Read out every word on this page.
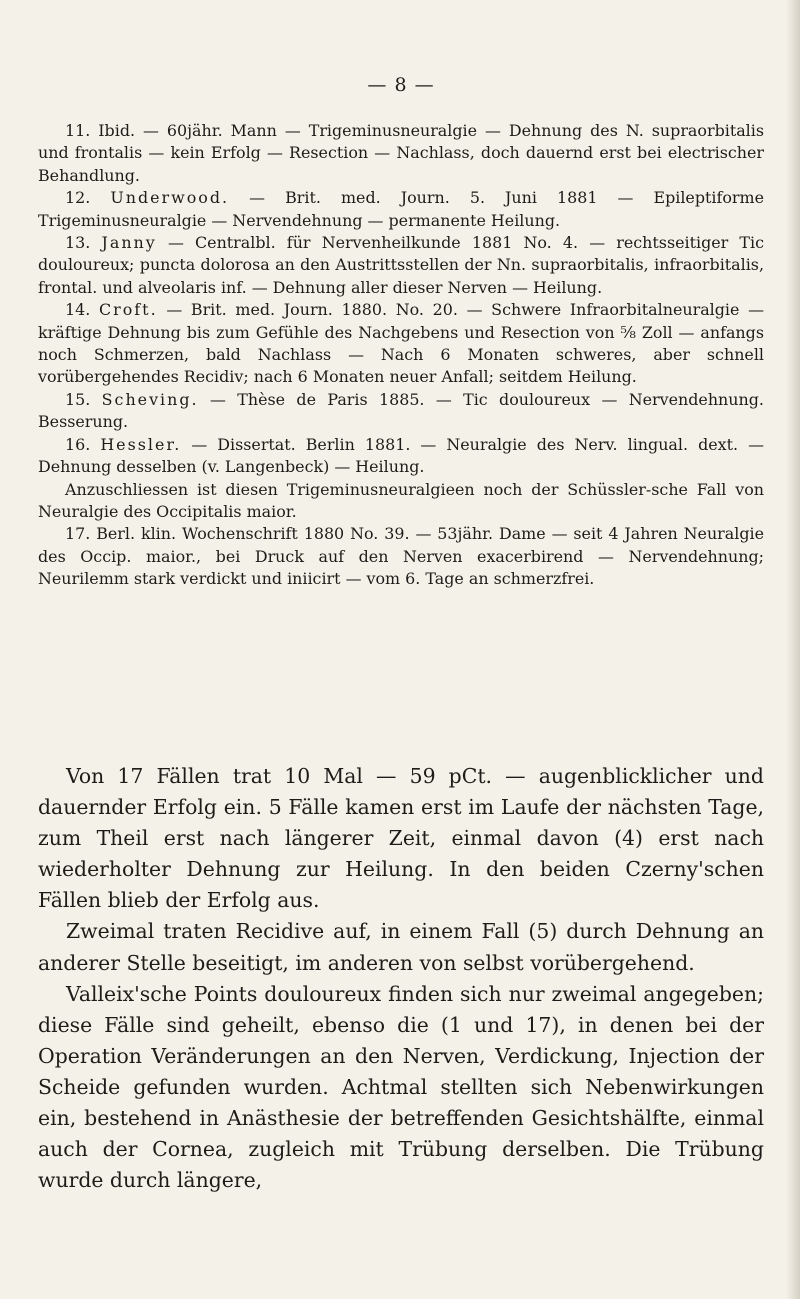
— 8 —

11. Ibid. — 60jähr. Mann — Trigeminusneuralgie — Dehnung des N. supraorbitalis und frontalis — kein Erfolg — Resection — Nachlass, doch dauernd erst bei electrischer Behandlung.

12. Underwood. — Brit. med. Journ. 5. Juni 1881 — Epileptiforme Trigeminusneuralgie — Nervendehnung — permanente Heilung.

13. Janny — Centralbl. für Nervenheilkunde 1881 No. 4. — rechtsseitiger Tic douloureux; puncta dolorosa an den Austrittsstellen der Nn. supraorbitalis, infraorbitalis, frontal. und alveolaris inf. — Dehnung aller dieser Nerven — Heilung.

14. Croft. — Brit. med. Journ. 1880. No. 20. — Schwere Infraorbitalneuralgie — kräftige Dehnung bis zum Gefühle des Nachgebens und Resection von ⁵⁄₈ Zoll — anfangs noch Schmerzen, bald Nachlass — Nach 6 Monaten schweres, aber schnell vorübergehendes Recidiv; nach 6 Monaten neuer Anfall; seitdem Heilung.

15. Scheving. — Thèse de Paris 1885. — Tic douloureux — Nervendehnung. Besserung.

16. Hessler. — Dissertat. Berlin 1881. — Neuralgie des Nerv. lingual. dext. — Dehnung desselben (v. Langenbeck) — Heilung.

Anzuschliessen ist diesen Trigeminusneuralgieen noch der Schüssler-sche Fall von Neuralgie des Occipitalis maior.

17. Berl. klin. Wochenschrift 1880 No. 39. — 53jähr. Dame — seit 4 Jahren Neuralgie des Occip. maior., bei Druck auf den Nerven exacerbirend — Nervendehnung; Neurilemm stark verdickt und iniicirt — vom 6. Tage an schmerzfrei.

Von 17 Fällen trat 10 Mal — 59 pCt. — augenblicklicher und dauernder Erfolg ein. 5 Fälle kamen erst im Laufe der nächsten Tage, zum Theil erst nach längerer Zeit, einmal davon (4) erst nach wiederholter Dehnung zur Heilung. In den beiden Czerny'schen Fällen blieb der Erfolg aus.

Zweimal traten Recidive auf, in einem Fall (5) durch Dehnung an anderer Stelle beseitigt, im anderen von selbst vorübergehend.

Valleix'sche Points douloureux finden sich nur zweimal angegeben; diese Fälle sind geheilt, ebenso die (1 und 17), in denen bei der Operation Veränderungen an den Nerven, Verdickung, Injection der Scheide gefunden wurden. Achtmal stellten sich Nebenwirkungen ein, bestehend in Anästhesie der betreffenden Gesichtshälfte, einmal auch der Cornea, zugleich mit Trübung derselben. Die Trübung wurde durch längere,
